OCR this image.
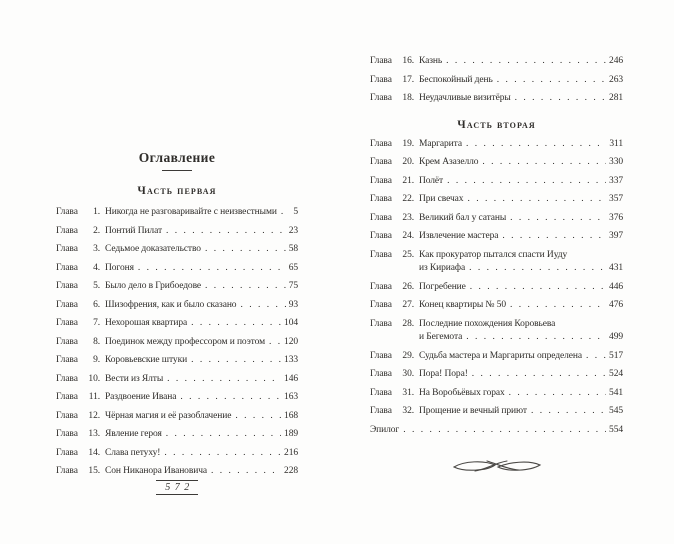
Оглавление
Часть первая
Глава 1. Никогда не разговаривайте с неизвестными . . . 5
Глава 2. Понтий Пилат . . .	23
Глава 3. Седьмое доказательство . . .	58
Глава 4. Погоня . . .	65
Глава 5. Было дело в Грибоедове . . .	75
Глава 6. Шизофрения, как и было сказано . . .	93
Глава 7. Нехорошая квартира . . .	104
Глава 8. Поединок между профессором и поэтом . . . 120
Глава 9. Коровьевские штуки . . .	133
Глава 10. Вести из Ялты . . .	146
Глава 11. Раздвоение Ивана . . .	163
Глава 12. Чёрная магия и её разоблачение . . .	168
Глава 13. Явление героя . . .	189
Глава 14. Слава петуху! . . .	216
Глава 15. Сон Никанора Ивановича . . .	228
Глава 16. Казнь . . .	246
Глава 17. Беспокойный день . . .	263
Глава 18. Неудачливые визитёры . . .	281
Часть вторая
Глава 19. Маргарита . . .	311
Глава 20. Крем Азазелло . . .	330
Глава 21. Полёт . . .	337
Глава 22. При свечах . . .	357
Глава 23. Великий бал у сатаны . . .	376
Глава 24. Извлечение мастера . . .	397
Глава 25. Как прокуратор пытался спасти Иуду
из Кириафа . . .	431
Глава 26. Погребение . . .	446
Глава 27. Конец квартиры № 50 . . .	476
Глава 28. Последние похождения Коровьева
и Бегемота . . .	499
Глава 29. Судьба мастера и Маргариты определена . . .	517
Глава 30. Пора! Пора! . . .	524
Глава 31. На Воробьёвых горах . . .	541
Глава 32. Прощение и вечный приют . . .	545
Эпилог . . .	554
572
